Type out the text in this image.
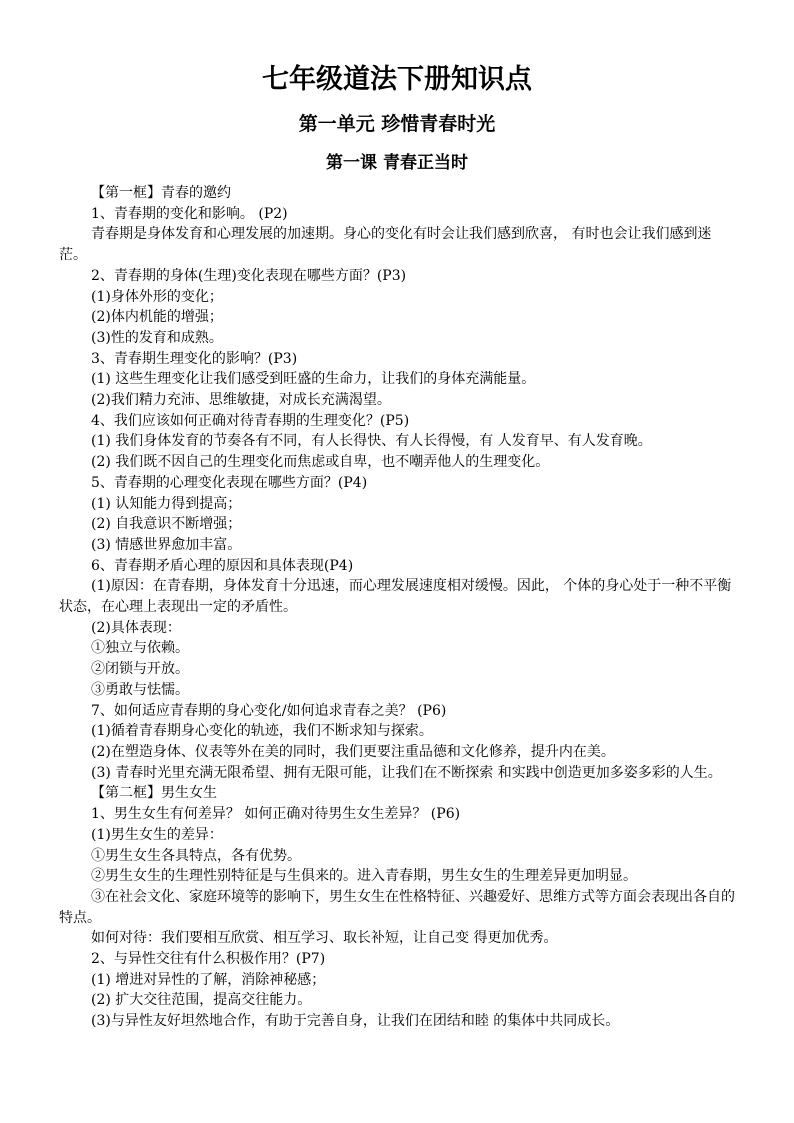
七年级道法下册知识点
第一单元 珍惜青春时光
第一课 青春正当时

【第一框】青春的邀约

1、青春期的变化和影响。 (P2)

青春期是身体发育和心理发展的加速期。身心的变化有时会让我们感到欣喜， 有时也会让我们感到迷茫。

2、青春期的身体(生理)变化表现在哪些方面？(P3)

(1)身体外形的变化；

(2)体内机能的增强；

(3)性的发育和成熟。

3、青春期生理变化的影响？(P3)

(1) 这些生理变化让我们感受到旺盛的生命力，让我们的身体充满能量。

(2)我们精力充沛、思维敏捷，对成长充满渴望。

4、我们应该如何正确对待青春期的生理变化？(P5)

(1) 我们身体发育的节奏各有不同，有人长得快、有人长得慢，有 人发育早、有人发育晚。

(2) 我们既不因自己的生理变化而焦虑或自卑，也不嘲弄他人的生理变化。

5、青春期的心理变化表现在哪些方面？(P4)

(1) 认知能力得到提高；

(2) 自我意识不断增强；

(3) 情感世界愈加丰富。

6、青春期矛盾心理的原因和具体表现(P4)

(1)原因：在青春期，身体发育十分迅速，而心理发展速度相对缓慢。因此， 个体的身心处于一种不平衡状态，在心理上表现出一定的矛盾性。

(2)具体表现：

①独立与依赖。

②闭锁与开放。

③勇敢与怯懦。

7、如何适应青春期的身心变化/如何追求青春之美？ (P6)

(1)循着青春期身心变化的轨迹，我们不断求知与探索。

(2)在塑造身体、仪表等外在美的同时，我们更要注重品德和文化修养，提升内在美。

(3) 青春时光里充满无限希望、拥有无限可能，让我们在不断探索 和实践中创造更加多姿多彩的人生。

【第二框】男生女生

1、男生女生有何差异？ 如何正确对待男生女生差异？ (P6)

(1)男生女生的差异：

①男生女生各具特点，各有优势。

②男生女生的生理性别特征是与生俱来的。进入青春期，男生女生的生理差异更加明显。

③在社会文化、家庭环境等的影响下，男生女生在性格特征、兴趣爱好、思维方式等方面会表现出各自的特点。

如何对待：我们要相互欣赏、相互学习、取长补短，让自己变 得更加优秀。

2、与异性交往有什么积极作用？(P7)

(1) 增进对异性的了解，消除神秘感；

(2) 扩大交往范围，提高交往能力。

(3)与异性友好坦然地合作，有助于完善自身，让我们在团结和睦 的集体中共同成长。
